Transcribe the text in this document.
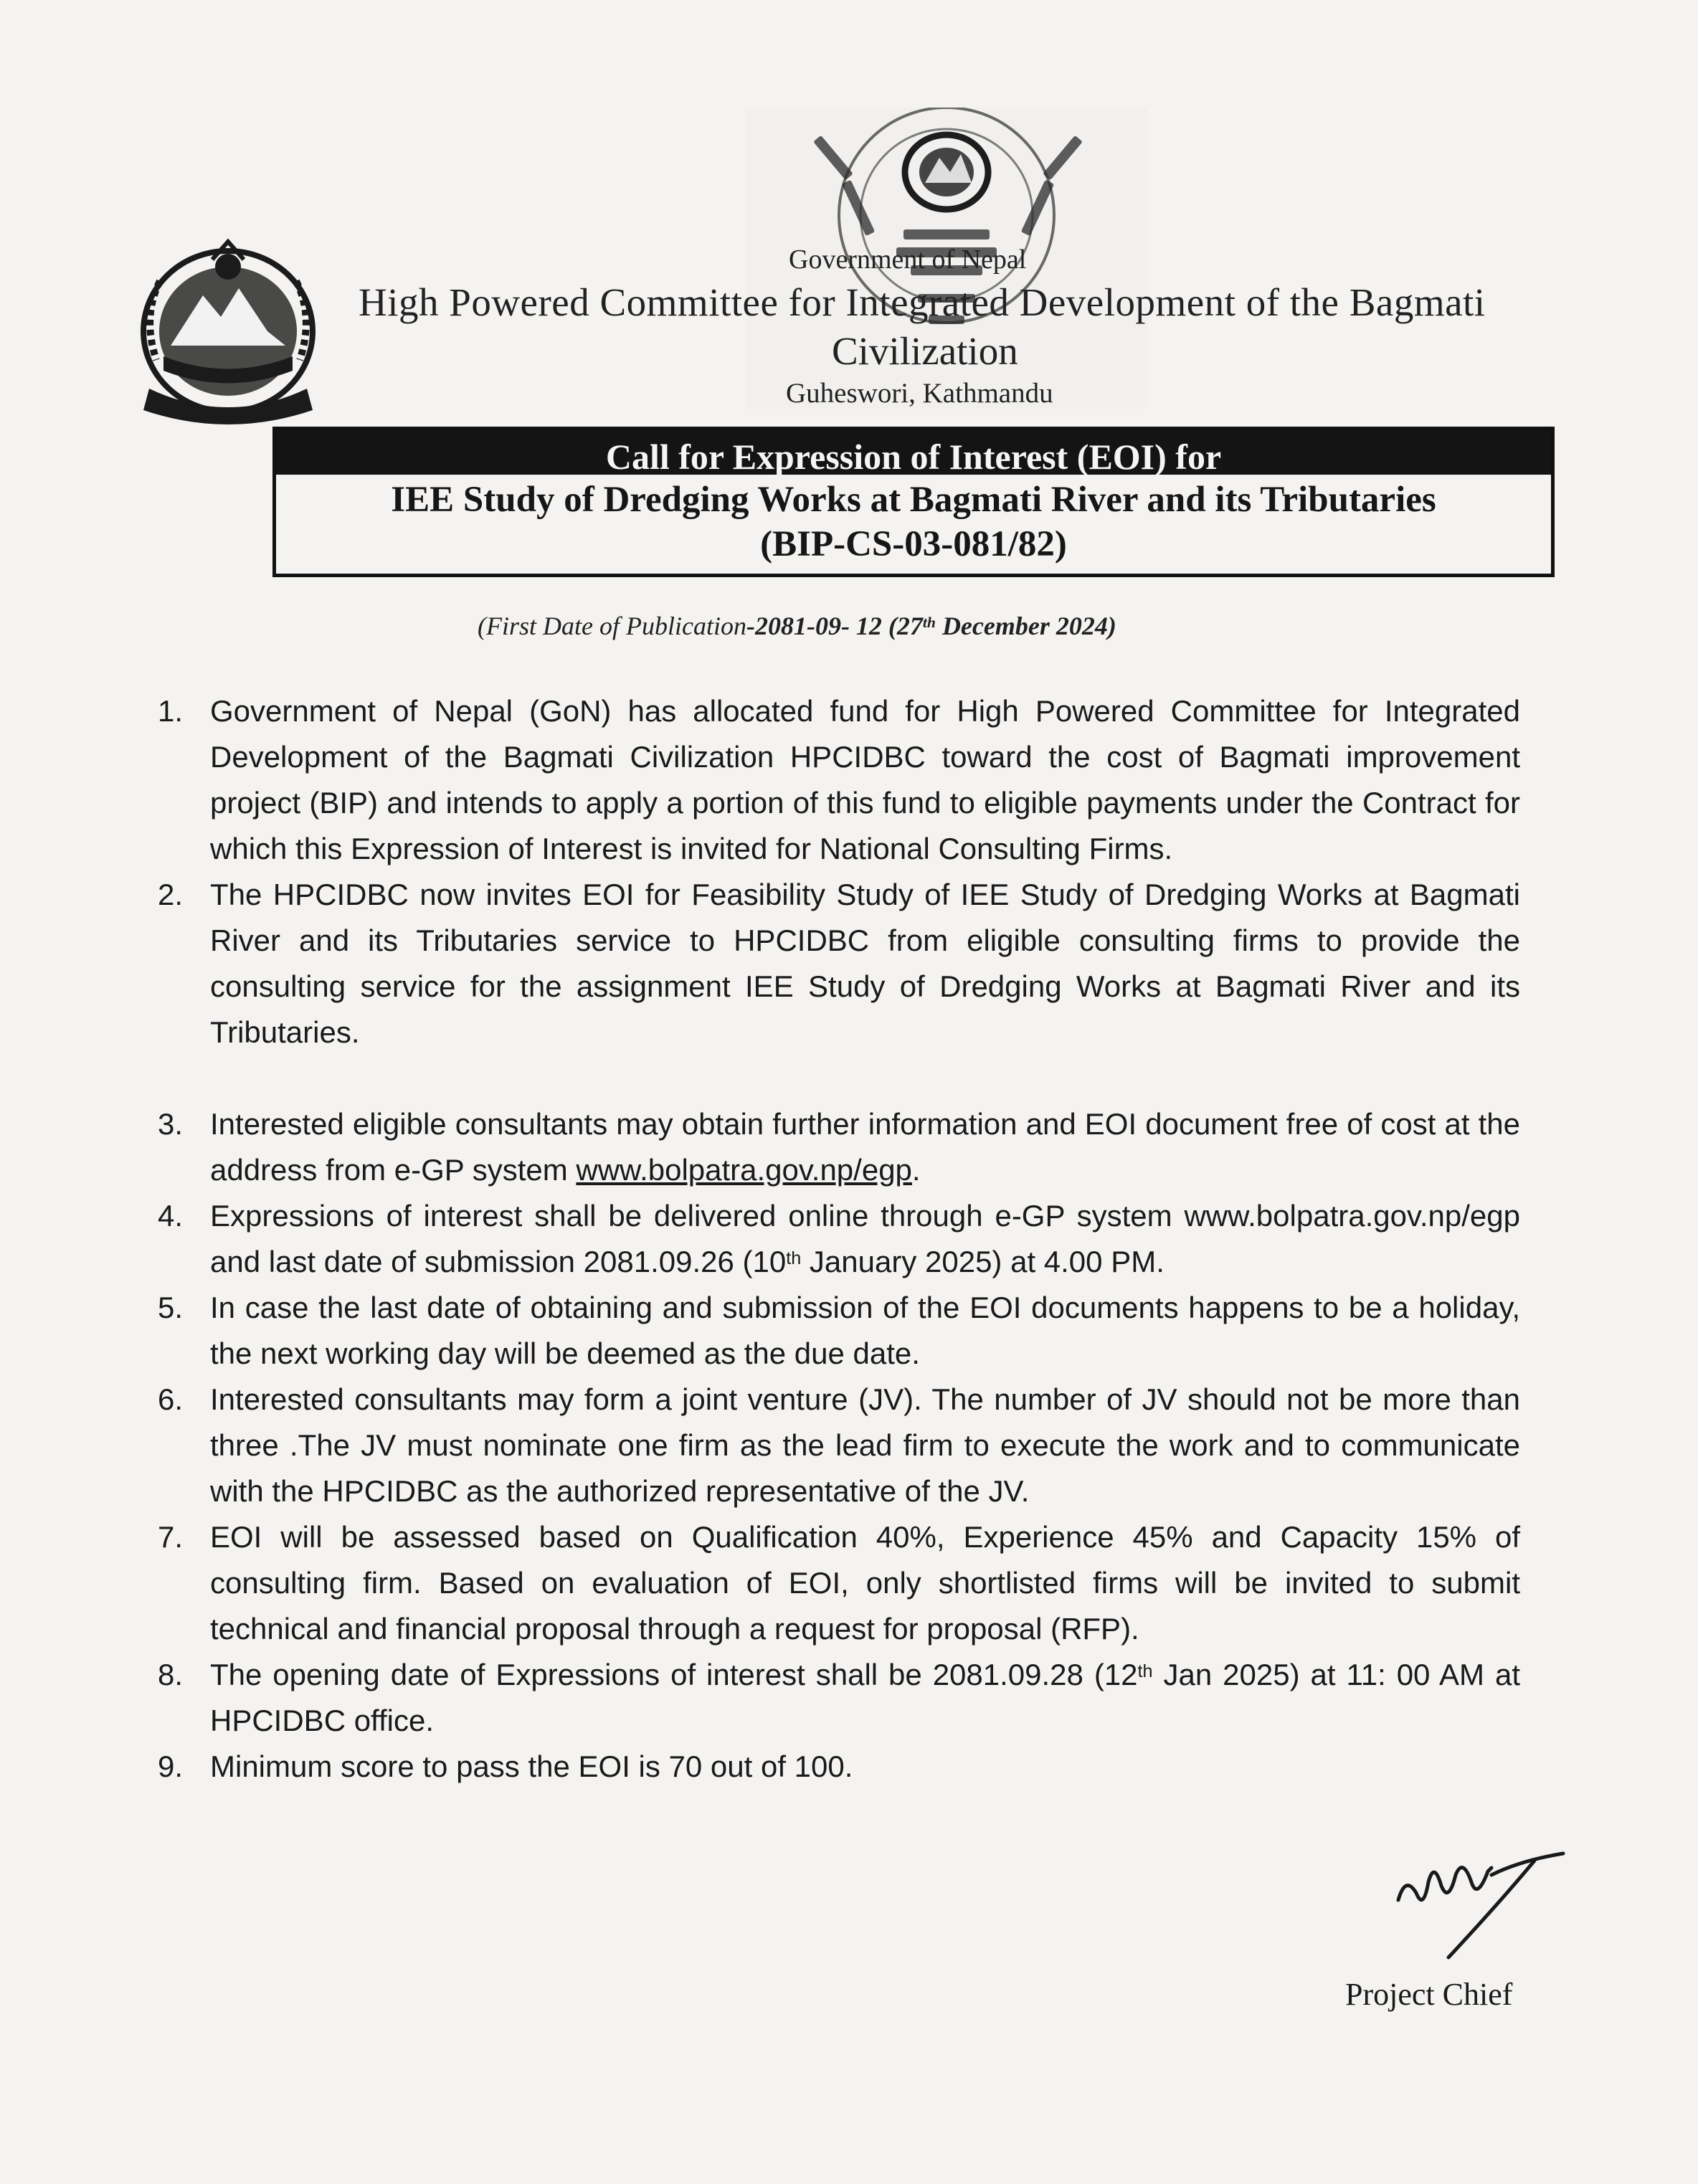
Government of Nepal
High Powered Committee for Integrated Development of the Bagmati
Civilization
Guheswori, Kathmandu
Call for Expression of Interest (EOI) for
IEE Study of Dredging Works at Bagmati River and its Tributaries
(BIP-CS-03-081/82)
(First Date of Publication-2081-09- 12 (27th December 2024)
1. Government of Nepal (GoN) has allocated fund for High Powered Committee for Integrated Development of the Bagmati Civilization HPCIDBC toward the cost of Bagmati improvement project (BIP) and intends to apply a portion of this fund to eligible payments under the Contract for which this Expression of Interest is invited for National Consulting Firms.

2. The HPCIDBC now invites EOI for Feasibility Study of IEE Study of Dredging Works at Bagmati River and its Tributaries service to HPCIDBC from eligible consulting firms to provide the consulting service for the assignment IEE Study of Dredging Works at Bagmati River and its Tributaries.

3. Interested eligible consultants may obtain further information and EOI document free of cost at the address from e-GP system www.bolpatra.gov.np/egp.

4. Expressions of interest shall be delivered online through e-GP system www.bolpatra.gov.np/egp and last date of submission 2081.09.26 (10th January 2025) at 4.00 PM.

5. In case the last date of obtaining and submission of the EOI documents happens to be a holiday, the next working day will be deemed as the due date.

6. Interested consultants may form a joint venture (JV). The number of JV should not be more than three .The JV must nominate one firm as the lead firm to execute the work and to communicate with the HPCIDBC as the authorized representative of the JV.

7. EOI will be assessed based on Qualification 40%, Experience 45% and Capacity 15% of consulting firm. Based on evaluation of EOI, only shortlisted firms will be invited to submit technical and financial proposal through a request for proposal (RFP).

8. The opening date of Expressions of interest shall be 2081.09.28 (12th Jan 2025) at 11: 00 AM at HPCIDBC office.

9. Minimum score to pass the EOI is 70 out of 100.

Project Chief
